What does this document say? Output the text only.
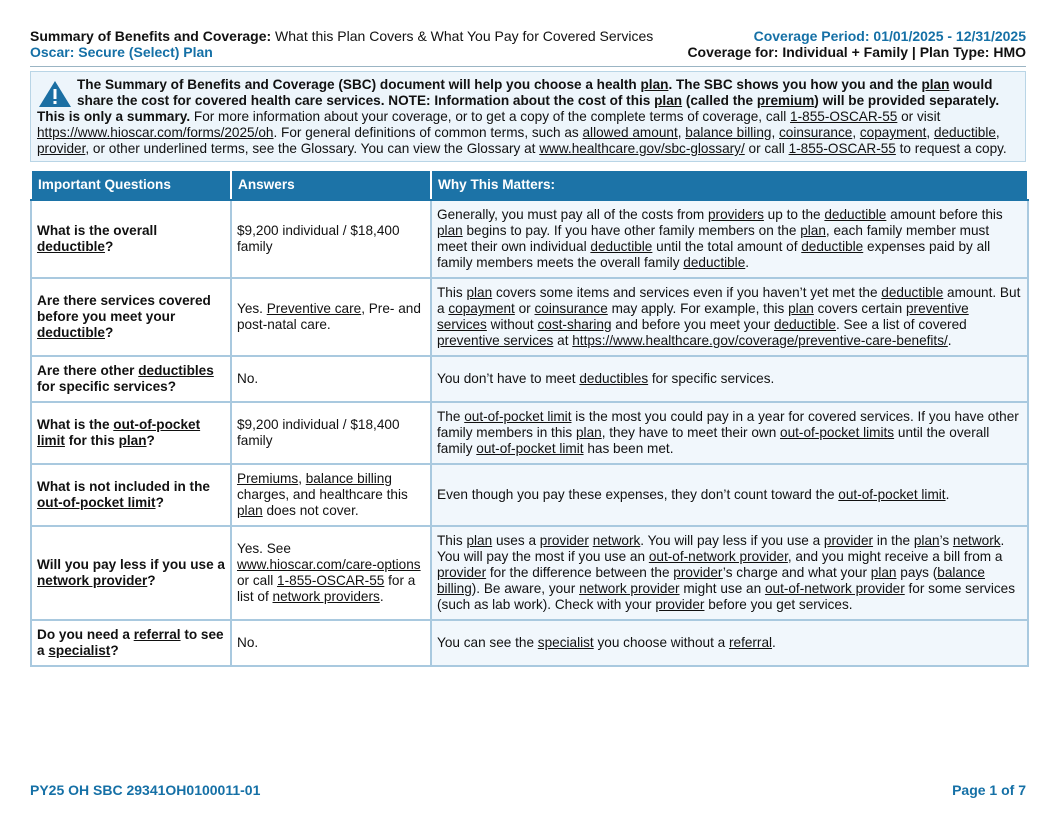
Summary of Benefits and Coverage: What this Plan Covers & What You Pay for Covered Services
Oscar: Secure (Select) Plan
Coverage Period: 01/01/2025 - 12/31/2025
Coverage for: Individual + Family | Plan Type: HMO
The Summary of Benefits and Coverage (SBC) document will help you choose a health plan. The SBC shows you how you and the plan would share the cost for covered health care services. NOTE: Information about the cost of this plan (called the premium) will be provided separately. This is only a summary. For more information about your coverage, or to get a copy of the complete terms of coverage, call 1-855-OSCAR-55 or visit https://www.hioscar.com/forms/2025/oh. For general definitions of common terms, such as allowed amount, balance billing, coinsurance, copayment, deductible, provider, or other underlined terms, see the Glossary. You can view the Glossary at www.healthcare.gov/sbc-glossary/ or call 1-855-OSCAR-55 to request a copy.
Important Questions	Answers	Why This Matters:
What is the overall deductible?	$9,200 individual / $18,400 family	Generally, you must pay all of the costs from providers up to the deductible amount before this plan begins to pay. If you have other family members on the plan, each family member must meet their own individual deductible until the total amount of deductible expenses paid by all family members meets the overall family deductible.
Are there services covered before you meet your deductible?	Yes. Preventive care, Pre- and post-natal care.	This plan covers some items and services even if you haven’t yet met the deductible amount. But a copayment or coinsurance may apply. For example, this plan covers certain preventive services without cost-sharing and before you meet your deductible. See a list of covered preventive services at https://www.healthcare.gov/coverage/preventive-care-benefits/.
Are there other deductibles for specific services?	No.	You don’t have to meet deductibles for specific services.
What is the out-of-pocket limit for this plan?	$9,200 individual / $18,400 family	The out-of-pocket limit is the most you could pay in a year for covered services. If you have other family members in this plan, they have to meet their own out-of-pocket limits until the overall family out-of-pocket limit has been met.
What is not included in the out-of-pocket limit?	Premiums, balance billing charges, and healthcare this plan does not cover.	Even though you pay these expenses, they don’t count toward the out-of-pocket limit.
Will you pay less if you use a network provider?	Yes. See www.hioscar.com/care-options or call 1-855-OSCAR-55 for a list of network providers.	This plan uses a provider network. You will pay less if you use a provider in the plan’s network. You will pay the most if you use an out-of-network provider, and you might receive a bill from a provider for the difference between the provider’s charge and what your plan pays (balance billing). Be aware, your network provider might use an out-of-network provider for some services (such as lab work). Check with your provider before you get services.
Do you need a referral to see a specialist?	No.	You can see the specialist you choose without a referral.
PY25 OH SBC 29341OH0100011-01	Page 1 of 7
